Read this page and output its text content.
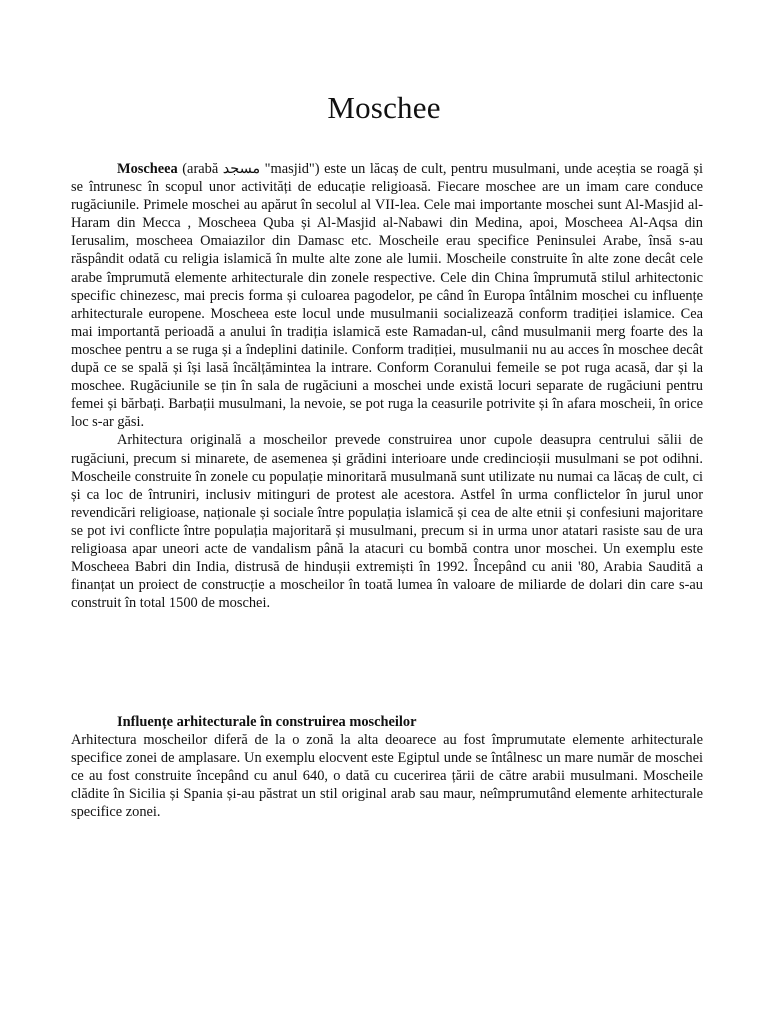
Moschee

Moscheea (arabă مسجد "masjid") este un lăcaș de cult, pentru musulmani, unde aceștia se roagă și se întrunesc în scopul unor activități de educație religioasă. Fiecare moschee are un imam care conduce rugăciunile. Primele moschei au apărut în secolul al VII-lea. Cele mai importante moschei sunt Al-Masjid al-Haram din Mecca , Moscheea Quba și Al-Masjid al-Nabawi din Medina, apoi, Moscheea Al-Aqsa din Ierusalim, moscheea Omaiazilor din Damasc etc. Moscheile erau specifice Peninsulei Arabe, însă s-au răspândit odată cu religia islamică în multe alte zone ale lumii. Moscheile construite în alte zone decât cele arabe împrumută elemente arhitecturale din zonele respective. Cele din China împrumută stilul arhitectonic specific chinezesc, mai precis forma și culoarea pagodelor, pe când în Europa întâlnim moschei cu influențe arhitecturale europene. Moscheea este locul unde musulmanii socializează conform tradiției islamice. Cea mai importantă perioadă a anului în tradiția islamică este Ramadan-ul, când musulmanii merg foarte des la moschee pentru a se ruga și a îndeplini datinile. Conform tradiției, musulmanii nu au acces în moschee decât după ce se spală și își lasă încălțămintea la intrare. Conform Coranului femeile se pot ruga acasă, dar și la moschee. Rugăciunile se țin în sala de rugăciuni a moschei unde există locuri separate de rugăciuni pentru femei și bărbați. Barbații musulmani, la nevoie, se pot ruga la ceasurile potrivite și în afara moscheii, în orice loc s-ar găsi.

Arhitectura originală a moscheilor prevede construirea unor cupole deasupra centrului sălii de rugăciuni, precum si minarete, de asemenea și grădini interioare unde credincioșii musulmani se pot odihni. Moscheile construite în zonele cu populație minoritară musulmană sunt utilizate nu numai ca lăcaș de cult, ci și ca loc de întruniri, inclusiv mitinguri de protest ale acestora. Astfel în urma conflictelor în jurul unor revendicări religioase, naționale și sociale între populația islamică și cea de alte etnii și confesiuni majoritare se pot ivi conflicte între populația majoritară și musulmani, precum si in urma unor atatari rasiste sau de ura religioasa apar uneori acte de vandalism până la atacuri cu bombă contra unor moschei. Un exemplu este Moscheea Babri din India, distrusă de hindușii extremiști în 1992. Începând cu anii '80, Arabia Saudită a finanțat un proiect de construcție a moscheilor în toată lumea în valoare de miliarde de dolari din care s-au construit în total 1500 de moschei.

Influențe arhitecturale în construirea moscheilor

Arhitectura moscheilor diferă de la o zonă la alta deoarece au fost împrumutate elemente arhitecturale specifice zonei de amplasare. Un exemplu elocvent este Egiptul unde se întâlnesc un mare număr de moschei ce au fost construite începând cu anul 640, o dată cu cucerirea țării de către arabii musulmani. Moscheile clădite în Sicilia și Spania și-au păstrat un stil original arab sau maur, neîmprumutând elemente arhitecturale specifice zonei.
